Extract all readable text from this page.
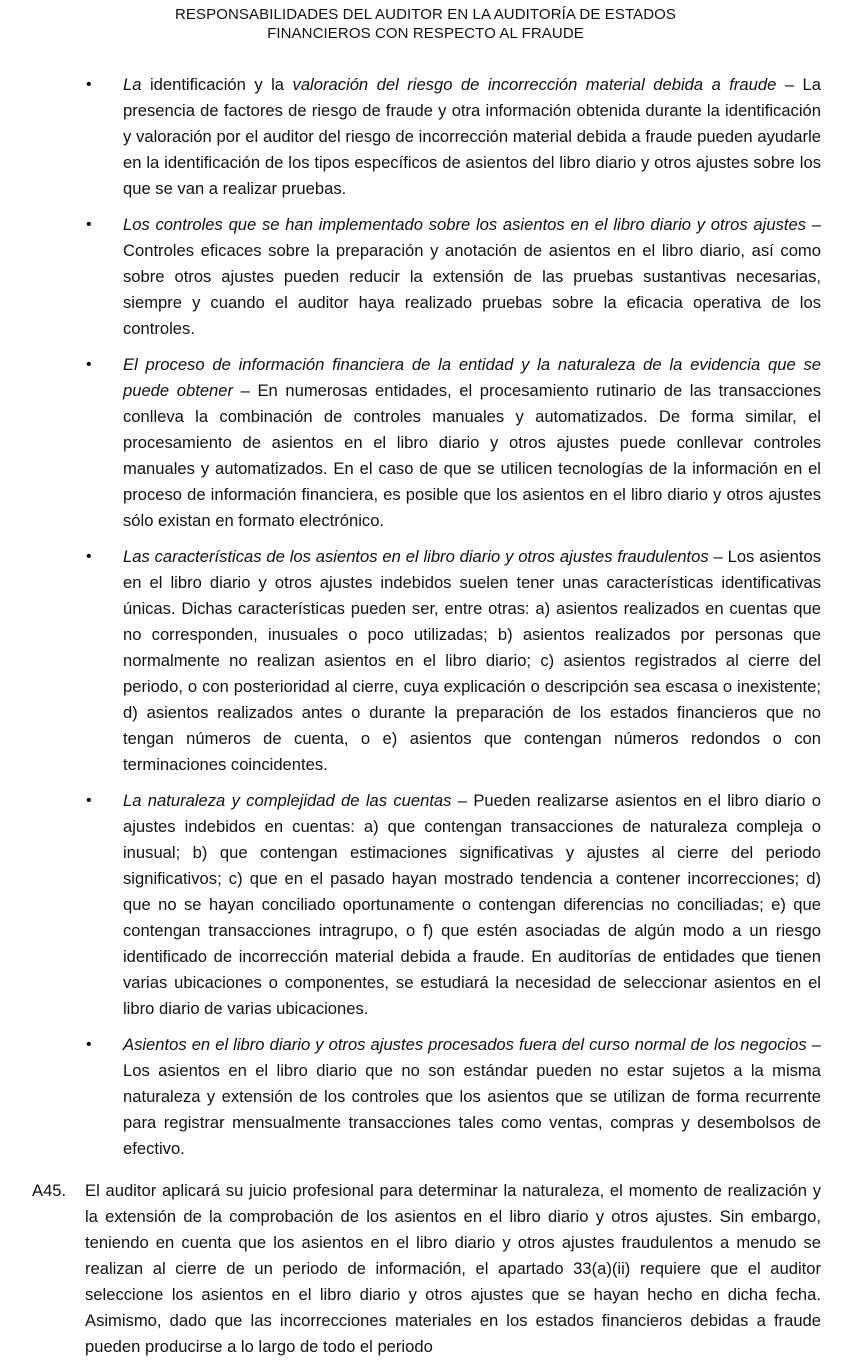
RESPONSABILIDADES DEL AUDITOR EN LA AUDITORÍA DE ESTADOS
FINANCIEROS CON RESPECTO AL FRAUDE
• La identificación y la valoración del riesgo de incorrección material debida a fraude – La presencia de factores de riesgo de fraude y otra información obtenida durante la identificación y valoración por el auditor del riesgo de incorrección material debida a fraude pueden ayudarle en la identificación de los tipos específicos de asientos del libro diario y otros ajustes sobre los que se van a realizar pruebas.
• Los controles que se han implementado sobre los asientos en el libro diario y otros ajustes – Controles eficaces sobre la preparación y anotación de asientos en el libro diario, así como sobre otros ajustes pueden reducir la extensión de las pruebas sustantivas necesarias, siempre y cuando el auditor haya realizado pruebas sobre la eficacia operativa de los controles.
• El proceso de información financiera de la entidad y la naturaleza de la evidencia que se puede obtener – En numerosas entidades, el procesamiento rutinario de las transacciones conlleva la combinación de controles manuales y automatizados. De forma similar, el procesamiento de asientos en el libro diario y otros ajustes puede conllevar controles manuales y automatizados. En el caso de que se utilicen tecnologías de la información en el proceso de información financiera, es posible que los asientos en el libro diario y otros ajustes sólo existan en formato electrónico.
• Las características de los asientos en el libro diario y otros ajustes fraudulentos – Los asientos en el libro diario y otros ajustes indebidos suelen tener unas características identificativas únicas. Dichas características pueden ser, entre otras: a) asientos realizados en cuentas que no corresponden, inusuales o poco utilizadas; b) asientos realizados por personas que normalmente no realizan asientos en el libro diario; c) asientos registrados al cierre del periodo, o con posterioridad al cierre, cuya explicación o descripción sea escasa o inexistente; d) asientos realizados antes o durante la preparación de los estados financieros que no tengan números de cuenta, o e) asientos que contengan números redondos o con terminaciones coincidentes.
• La naturaleza y complejidad de las cuentas – Pueden realizarse asientos en el libro diario o ajustes indebidos en cuentas: a) que contengan transacciones de naturaleza compleja o inusual; b) que contengan estimaciones significativas y ajustes al cierre del periodo significativos; c) que en el pasado hayan mostrado tendencia a contener incorrecciones; d) que no se hayan conciliado oportunamente o contengan diferencias no conciliadas; e) que contengan transacciones intragrupo, o f) que estén asociadas de algún modo a un riesgo identificado de incorrección material debida a fraude. En auditorías de entidades que tienen varias ubicaciones o componentes, se estudiará la necesidad de seleccionar asientos en el libro diario de varias ubicaciones.
• Asientos en el libro diario y otros ajustes procesados fuera del curso normal de los negocios – Los asientos en el libro diario que no son estándar pueden no estar sujetos a la misma naturaleza y extensión de los controles que los asientos que se utilizan de forma recurrente para registrar mensualmente transacciones tales como ventas, compras y desembolsos de efectivo.
A45.	El auditor aplicará su juicio profesional para determinar la naturaleza, el momento de realización y la extensión de la comprobación de los asientos en el libro diario y otros ajustes. Sin embargo, teniendo en cuenta que los asientos en el libro diario y otros ajustes fraudulentos a menudo se realizan al cierre de un periodo de información, el apartado 33(a)(ii) requiere que el auditor seleccione los asientos en el libro diario y otros ajustes que se hayan hecho en dicha fecha. Asimismo, dado que las incorrecciones materiales en los estados financieros debidas a fraude pueden producirse a lo largo de todo el periodo
